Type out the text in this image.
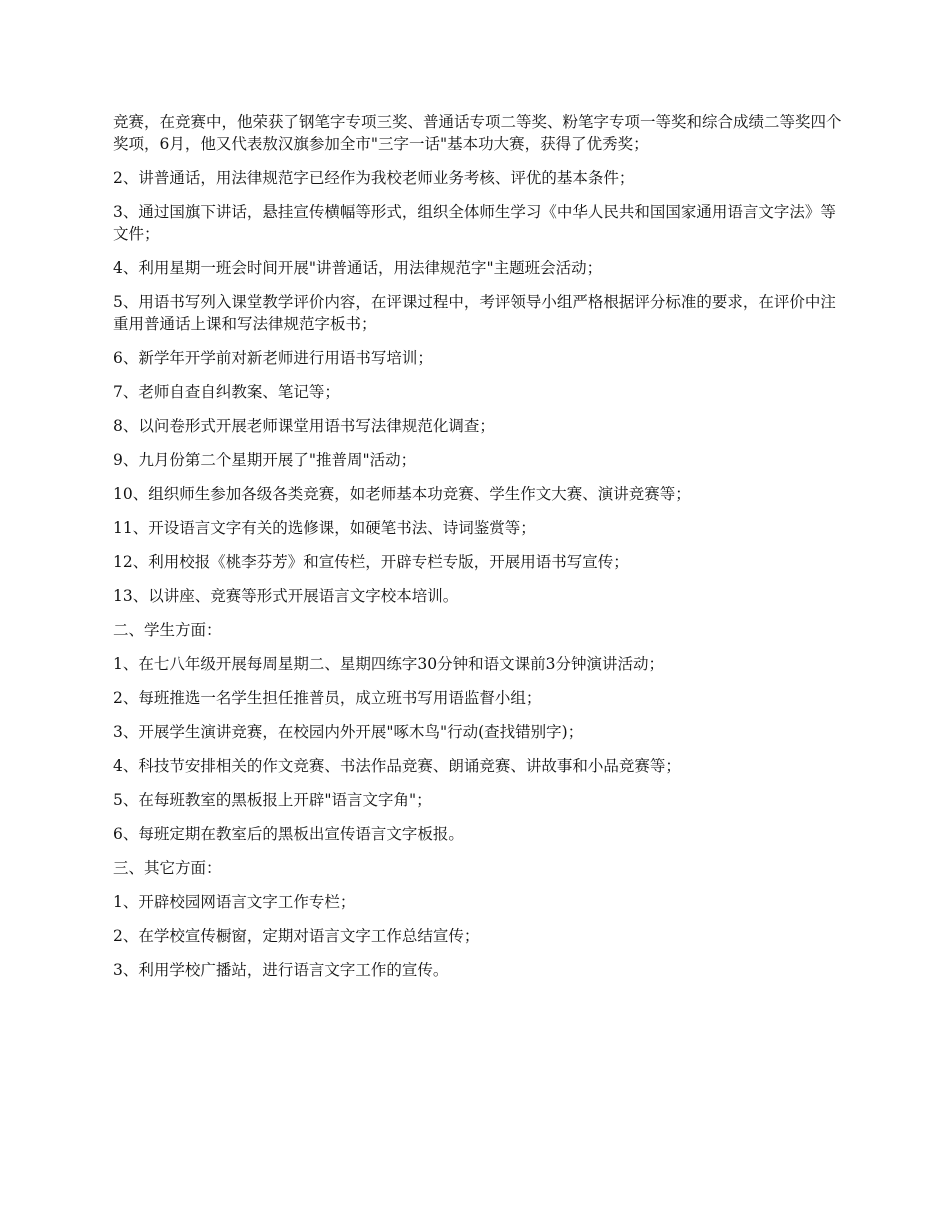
竞赛，在竞赛中，他荣获了钢笔字专项三奖、普通话专项二等奖、粉笔字专项一等奖和综合成绩二等奖四个奖项，6月，他又代表敖汉旗参加全市"三字一话"基本功大赛，获得了优秀奖；

2、讲普通话，用法律规范字已经作为我校老师业务考核、评优的基本条件；

3、通过国旗下讲话，悬挂宣传横幅等形式，组织全体师生学习《中华人民共和国国家通用语言文字法》等文件；

4、利用星期一班会时间开展"讲普通话，用法律规范字"主题班会活动；

5、用语书写列入课堂教学评价内容，在评课过程中，考评领导小组严格根据评分标准的要求，在评价中注重用普通话上课和写法律规范字板书；

6、新学年开学前对新老师进行用语书写培训；

7、老师自查自纠教案、笔记等；

8、以问卷形式开展老师课堂用语书写法律规范化调查；

9、九月份第二个星期开展了"推普周"活动；

10、组织师生参加各级各类竞赛，如老师基本功竞赛、学生作文大赛、演讲竞赛等；

11、开设语言文字有关的选修课，如硬笔书法、诗词鉴赏等；

12、利用校报《桃李芬芳》和宣传栏，开辟专栏专版，开展用语书写宣传；

13、以讲座、竞赛等形式开展语言文字校本培训。

二、学生方面：

1、在七八年级开展每周星期二、星期四练字30分钟和语文课前3分钟演讲活动；

2、每班推选一名学生担任推普员，成立班书写用语监督小组；

3、开展学生演讲竞赛，在校园内外开展"啄木鸟"行动(查找错别字)；

4、科技节安排相关的作文竞赛、书法作品竞赛、朗诵竞赛、讲故事和小品竞赛等；

5、在每班教室的黑板报上开辟"语言文字角"；

6、每班定期在教室后的黑板出宣传语言文字板报。

三、其它方面：

1、开辟校园网语言文字工作专栏；

2、在学校宣传橱窗，定期对语言文字工作总结宣传；

3、利用学校广播站，进行语言文字工作的宣传。
